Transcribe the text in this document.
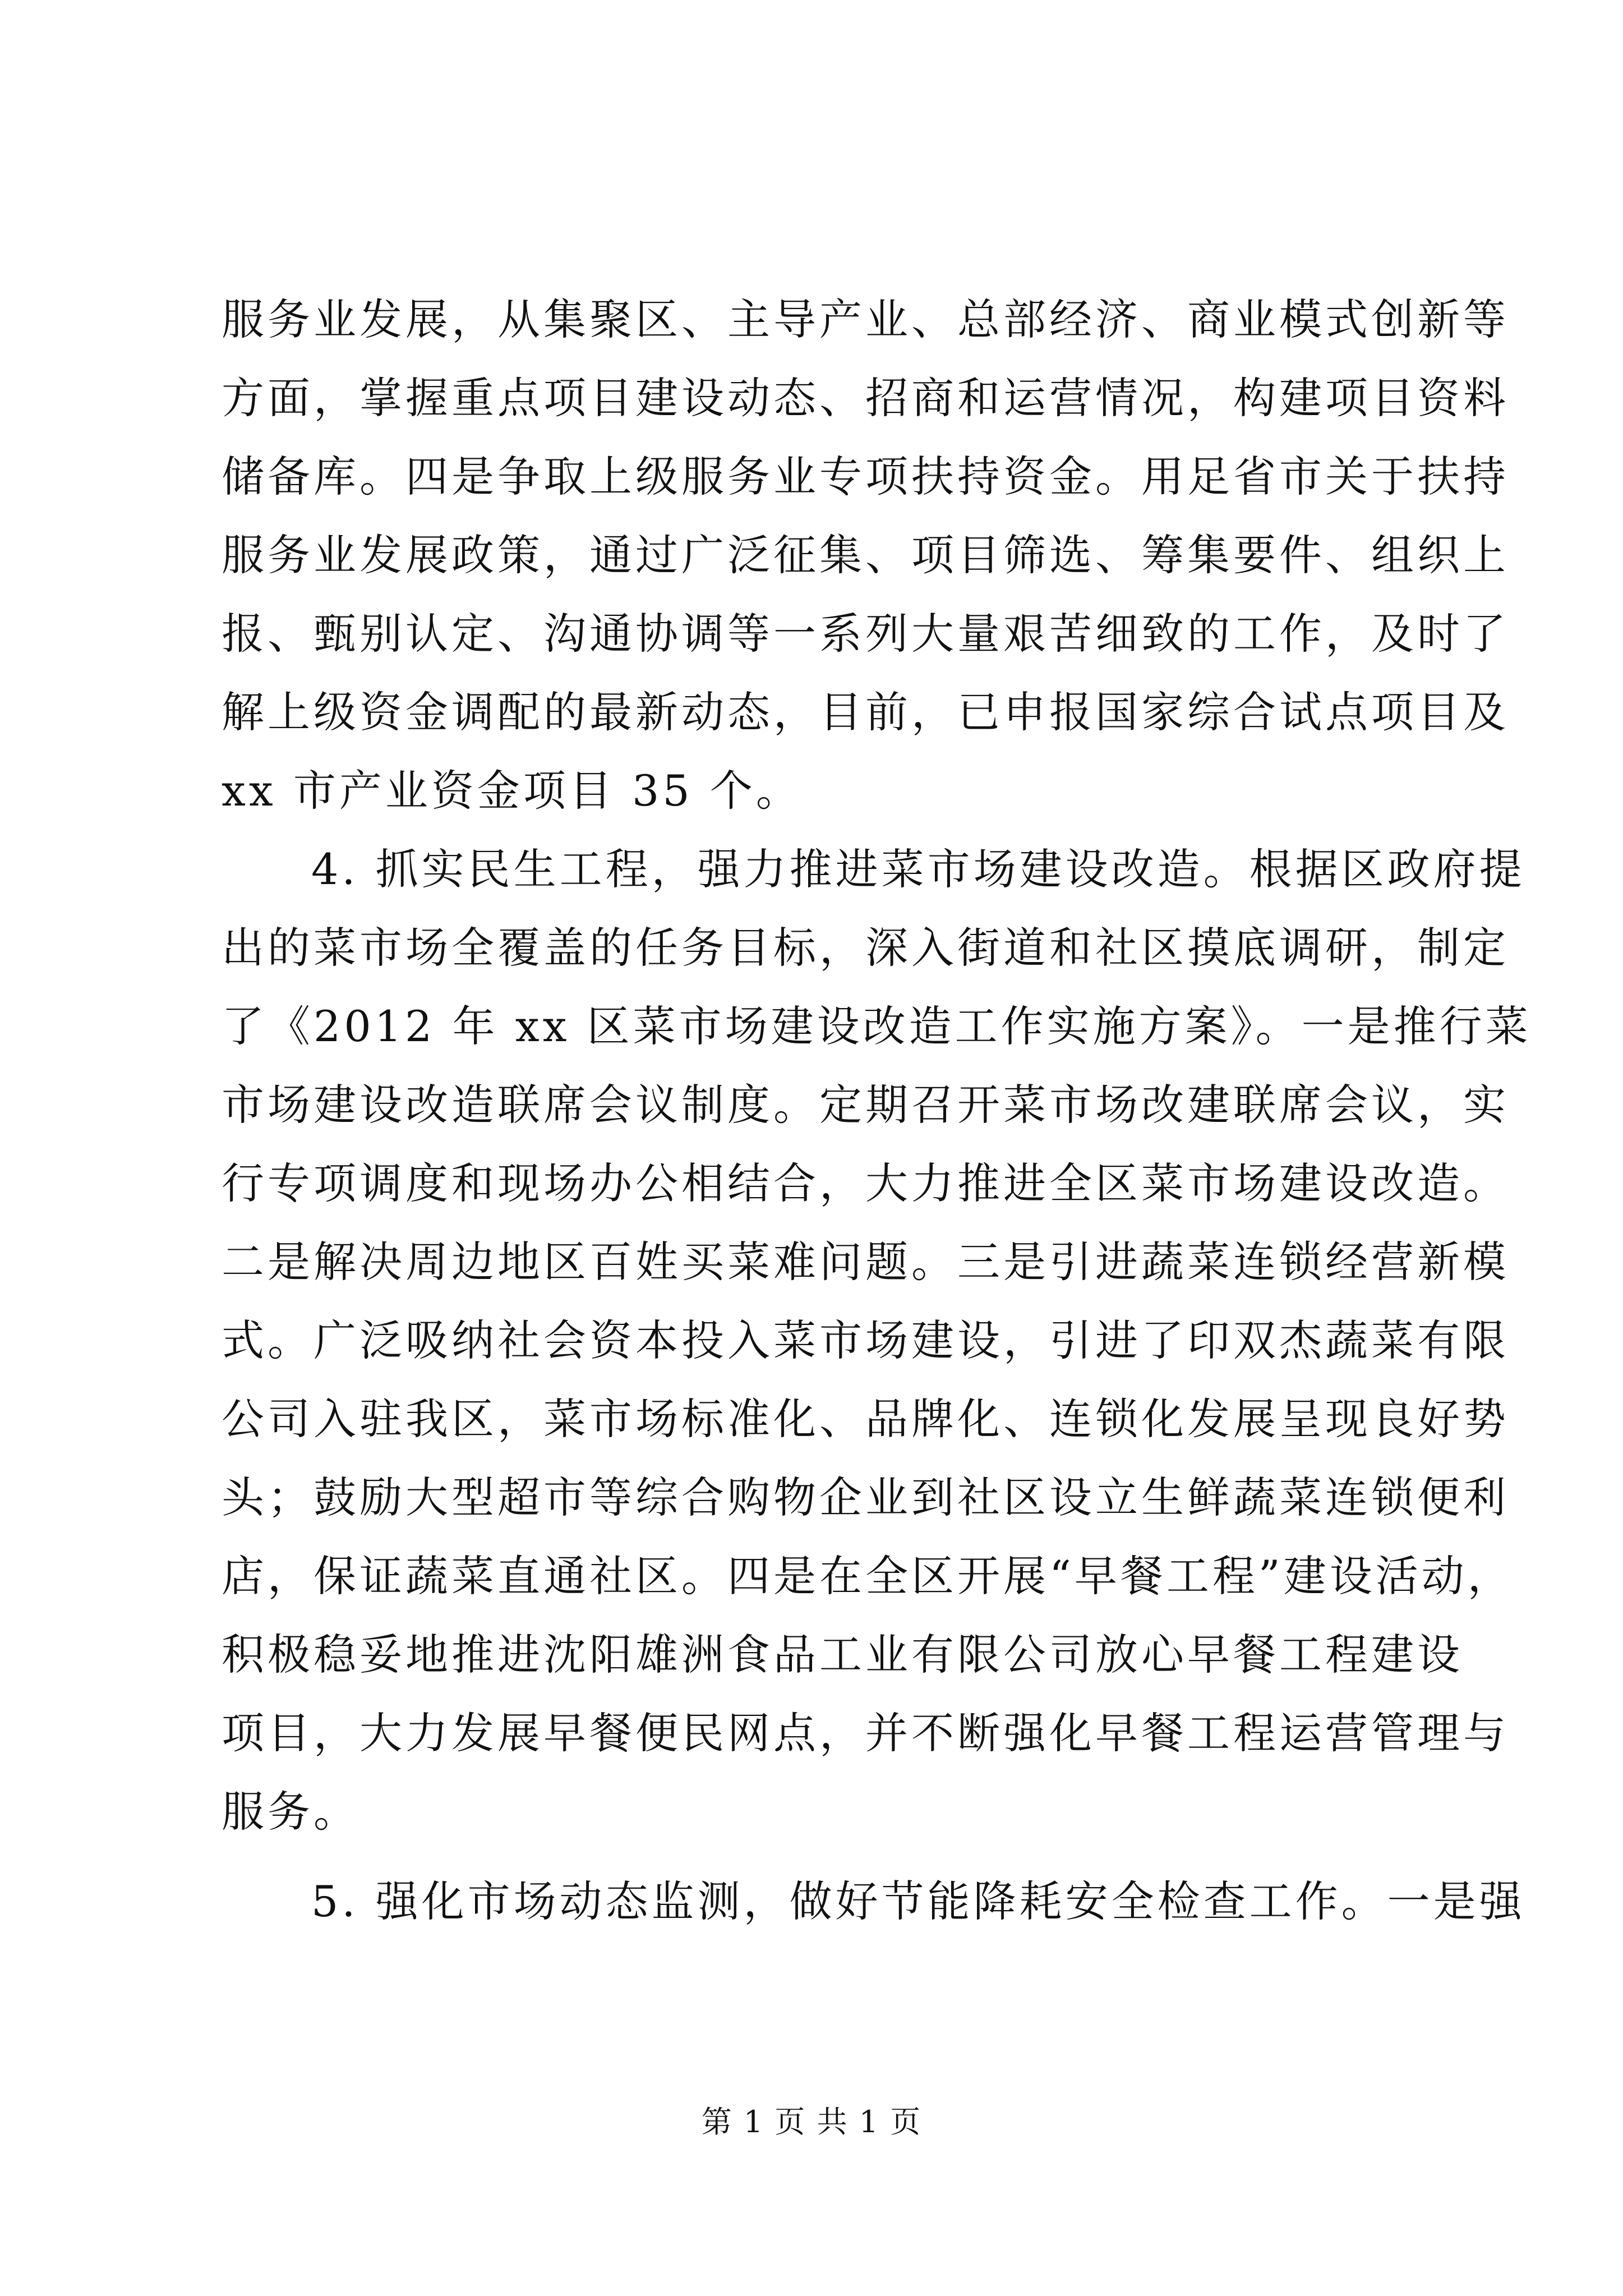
服务业发展，从集聚区、主导产业、总部经济、商业模式创新等
方面，掌握重点项目建设动态、招商和运营情况，构建项目资料
储备库。四是争取上级服务业专项扶持资金。用足省市关于扶持
服务业发展政策，通过广泛征集、项目筛选、筹集要件、组织上
报、甄别认定、沟通协调等一系列大量艰苦细致的工作，及时了
解上级资金调配的最新动态，目前，已申报国家综合试点项目及
xx 市产业资金项目 35 个。
4. 抓实民生工程，强力推进菜市场建设改造。根据区政府提
出的菜市场全覆盖的任务目标，深入街道和社区摸底调研，制定
了《2012 年 xx 区菜市场建设改造工作实施方案》。一是推行菜
市场建设改造联席会议制度。定期召开菜市场改建联席会议，实
行专项调度和现场办公相结合，大力推进全区菜市场建设改造。
二是解决周边地区百姓买菜难问题。三是引进蔬菜连锁经营新模
式。广泛吸纳社会资本投入菜市场建设，引进了印双杰蔬菜有限
公司入驻我区，菜市场标准化、品牌化、连锁化发展呈现良好势
头；鼓励大型超市等综合购物企业到社区设立生鲜蔬菜连锁便利
店，保证蔬菜直通社区。四是在全区开展“早餐工程”建设活动，
积极稳妥地推进沈阳雄洲食品工业有限公司放心早餐工程建设
项目，大力发展早餐便民网点，并不断强化早餐工程运营管理与
服务。
5. 强化市场动态监测，做好节能降耗安全检查工作。一是强
第 1 页 共 1 页
